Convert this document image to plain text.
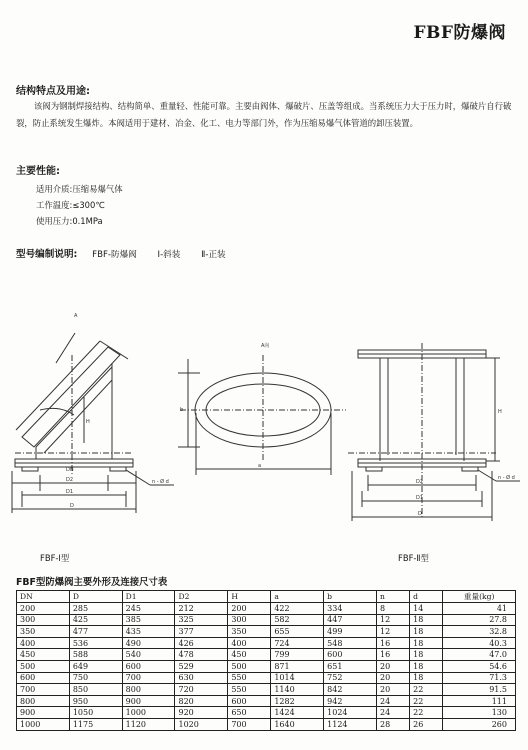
FBF防爆阀
结构特点及用途:

该阀为钢制焊接结构、结构简单、重量轻、性能可靠。主要由阀体、爆破片、压盖等组成。当系统压力大于压力时，爆破片自行破裂，防止系统发生爆炸。本阀适用于建材、冶金、化工、电力等部门外，作为压缩易爆气体管道的卸压装置。

主要性能:
适用介质:压缩易爆气体
工作温度:≤300℃
使用压力:0.1MPa
型号编制说明: FBF-防爆阀 Ⅰ-斜装 Ⅱ-正装
A
H
D2
D1
D
DN
n - Ø d
A向
b
a
H
D2
D1
D
n - Ø d
FBF-Ⅰ型	FBF-Ⅱ型
FBF型防爆阀主要外形及连接尺寸表
DN	D	D1	D2	H	a	b	n	d	重量(kg)
200	285	245	212	200	422	334	8	14	41
300	425	385	325	300	582	447	12	18	27.8
350	477	435	377	350	655	499	12	18	32.8
400	536	490	426	400	724	548	16	18	40.3
450	588	540	478	450	799	600	16	18	47.0
500	649	600	529	500	871	651	20	18	54.6
600	750	700	630	550	1014	752	20	18	71.3
700	850	800	720	550	1140	842	20	22	91.5
800	950	900	820	600	1282	942	24	22	111
900	1050	1000	920	650	1424	1024	24	22	130
1000	1175	1120	1020	700	1640	1124	28	26	260
